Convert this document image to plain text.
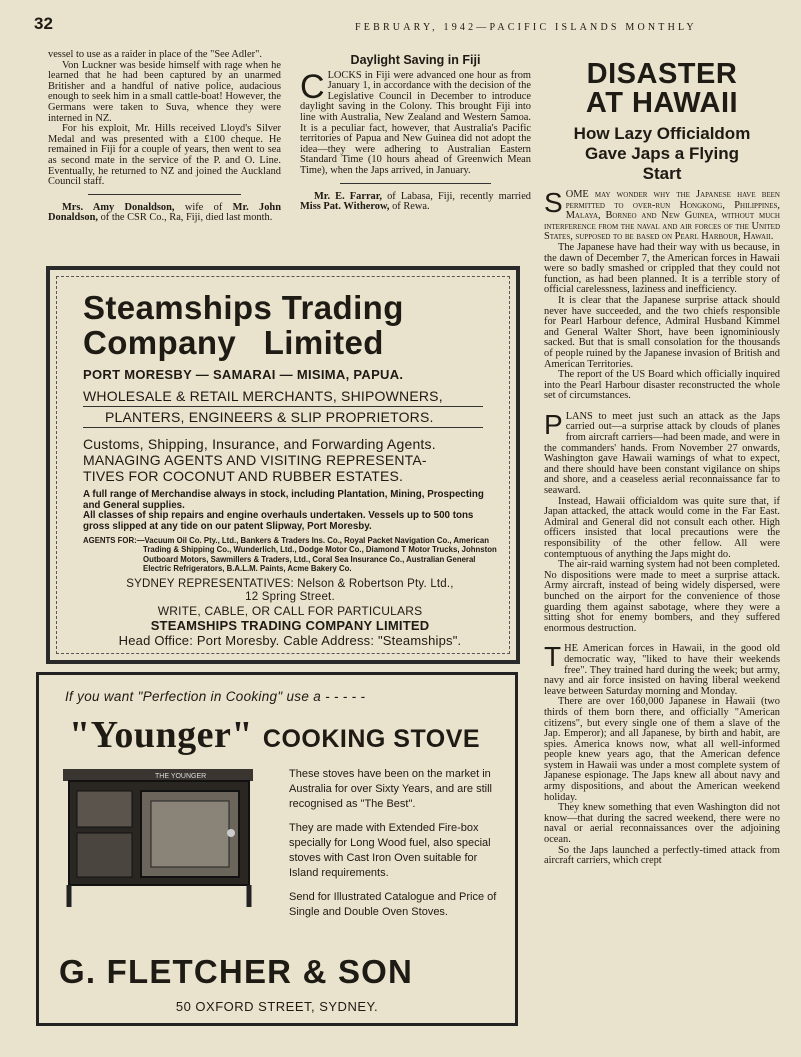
32	FEBRUARY, 1942—PACIFIC ISLANDS MONTHLY

vessel to use as a raider in place of the "See Adler".

Von Luckner was beside himself with rage when he learned that he had been captured by an unarmed Britisher and a handful of native police, audacious enough to seek him in a small cattle-boat! However, the Germans were taken to Suva, whence they were interned in NZ.

For his exploit, Mr. Hills received Lloyd's Silver Medal and was presented with a £100 cheque. He remained in Fiji for a couple of years, then went to sea as second mate in the service of the P. and O. Line. Eventually, he returned to NZ and joined the Auckland Council staff.

Mrs. Amy Donaldson, wife of Mr. John Donaldson, of the CSR Co., Ra, Fiji, died last month.

Daylight Saving in Fiji

CLOCKS in Fiji were advanced one hour as from January 1, in accordance with the decision of the Legislative Council in December to introduce daylight saving in the Colony. This brought Fiji into line with Australia, New Zealand and Western Samoa. It is a peculiar fact, however, that Australia's Pacific territories of Papua and New Guinea did not adopt the idea—they were adhering to Australian Eastern Standard Time (10 hours ahead of Greenwich Mean Time), when the Japs arrived, in January.

Mr. E. Farrar, of Labasa, Fiji, recently married Miss Pat. Witherow, of Rewa.

DISASTER AT HAWAII
How Lazy Officialdom Gave Japs a Flying Start

SOME may wonder why the Japanese have been permitted to over-run Hongkong, Philippines, Malaya, Borneo and New Guinea, without much interference from the naval and air forces of the United States, supposed to be based on Pearl Harbour, Hawaii.

The Japanese have had their way with us because, in the dawn of December 7, the American forces in Hawaii were so badly smashed or crippled that they could not function, as had been planned. It is a terrible story of official carelessness, laziness and inefficiency.

It is clear that the Japanese surprise attack should never have succeeded, and the two chiefs responsible for Pearl Harbour defence, Admiral Husband Kimmel and General Walter Short, have been ignominiously sacked. But that is small consolation for the thousands of people ruined by the Japanese invasion of British and American Territories.

The report of the US Board which officially inquired into the Pearl Harbour disaster reconstructed the whole set of circumstances.

PLANS to meet just such an attack as the Japs carried out—a surprise attack by clouds of planes from aircraft carriers—had been made, and were in the commanders' hands. From November 27 onwards, Washington gave Hawaii warnings of what to expect, and there should have been constant vigilance on ships and shore, and a ceaseless aerial reconnaissance far to seaward.

Instead, Hawaii officialdom was quite sure that, if Japan attacked, the attack would come in the Far East. Admiral and General did not consult each other. High officers insisted that local precautions were the responsibility of the other fellow. All were contemptuous of anything the Japs might do.

The air-raid warning system had not been completed. No dispositions were made to meet a surprise attack. Army aircraft, instead of being widely dispersed, were bunched on the airport for the convenience of those guarding them against sabotage, where they were a sitting shot for enemy bombers, and they suffered enormous destruction.

THE American forces in Hawaii, in the good old democratic way, "liked to have their weekends free". They trained hard during the week; but army, navy and air force insisted on having liberal weekend leave between Saturday morning and Monday.

There are over 160,000 Japanese in Hawaii (two thirds of them born there, and officially "American citizens", but every single one of them a slave of the Jap. Emperor); and all Japanese, by birth and habit, are spies. America knows now, what all well-informed people knew years ago, that the American defence system in Hawaii was under a most complete system of Japanese espionage. The Japs knew all about navy and army dispositions, and about the American weekend holiday.

They knew something that even Washington did not know—that during the sacred weekend, there were no naval or aerial reconnaissances over the adjoining ocean.

So the Japs launched a perfectly-timed attack from aircraft carriers, which crept

Steamships Trading
Company Limited
PORT MORESBY — SAMARAI — MISIMA, PAPUA.
WHOLESALE & RETAIL MERCHANTS, SHIPOWNERS,
PLANTERS, ENGINEERS & SLIP PROPRIETORS.
Customs, Shipping, Insurance, and Forwarding Agents.
MANAGING AGENTS AND VISITING REPRESENTA-
TIVES FOR COCONUT AND RUBBER ESTATES.
A full range of Merchandise always in stock, including Plantation, Mining, Prospecting and General supplies.
All classes of ship repairs and engine overhauls undertaken. Vessels up to 500 tons gross slipped at any tide on our patent Slipway, Port Moresby.
AGENTS FOR:—Vacuum Oil Co. Pty., Ltd., Bankers & Traders Ins. Co., Royal Packet Navigation Co., American Trading & Shipping Co., Wunderlich, Ltd., Dodge Motor Co., Diamond T Motor Trucks, Johnston Outboard Motors, Sawmillers & Traders, Ltd., Coral Sea Insurance Co., Australian General Electric Refrigerators, B.A.L.M. Paints, Acme Bakery Co.
SYDNEY REPRESENTATIVES: Nelson & Robertson Pty. Ltd.,
12 Spring Street.
WRITE, CABLE, OR CALL FOR PARTICULARS
STEAMSHIPS TRADING COMPANY LIMITED
Head Office: Port Moresby. Cable Address: "Steamships".
If you want "Perfection in Cooking" use a - - - - -
"Younger" COOKING STOVE
THE YOUNGER	These stoves have been on the market in Australia for over Sixty Years, and are still recognised as "The Best".

They are made with Extended Fire-box specially for Long Wood fuel, also special stoves with Cast Iron Oven suitable for Island requirements.

Send for Illustrated Catalogue and Price of Single and Double Oven Stoves.

G. FLETCHER & SON
50 OXFORD STREET, SYDNEY.
